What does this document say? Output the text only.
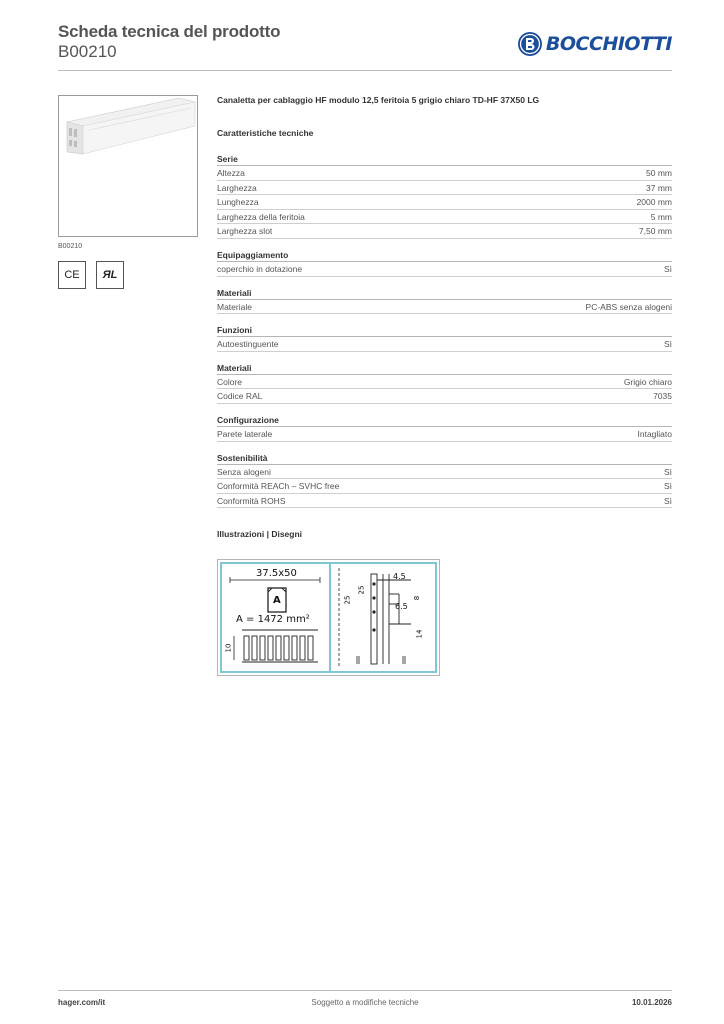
Scheda tecnica del prodotto
B00210	BOCCHIOTTI
B00210
CE	ЯL
Canaletta per cablaggio HF modulo 12,5 feritoia 5 grigio chiaro TD-HF 37X50 LG
Caratteristiche tecniche
Serie
Altezza	50 mm
Larghezza	37 mm
Lunghezza	2000 mm
Larghezza della feritoia	5 mm
Larghezza slot	7,50 mm
Equipaggiamento
coperchio in dotazione	Sì
Materiali
Materiale	PC-ABS senza alogeni
Funzioni
Autoestinguente	Sì
Materiali
Colore	Grigio chiaro
Codice RAL	7035
Configurazione
Parete laterale	Intagliato
Sostenibilità
Senza alogeni	Sì
Conformità REACh – SVHC free	Sì
Conformità ROHS	Sì
Illustrazioni | Disegni
37.5x50
A
A = 1472 mm²
10
4.5
25
25
6.5
8
14
hager.com/it	Soggetto a modifiche tecniche	10.01.2026
